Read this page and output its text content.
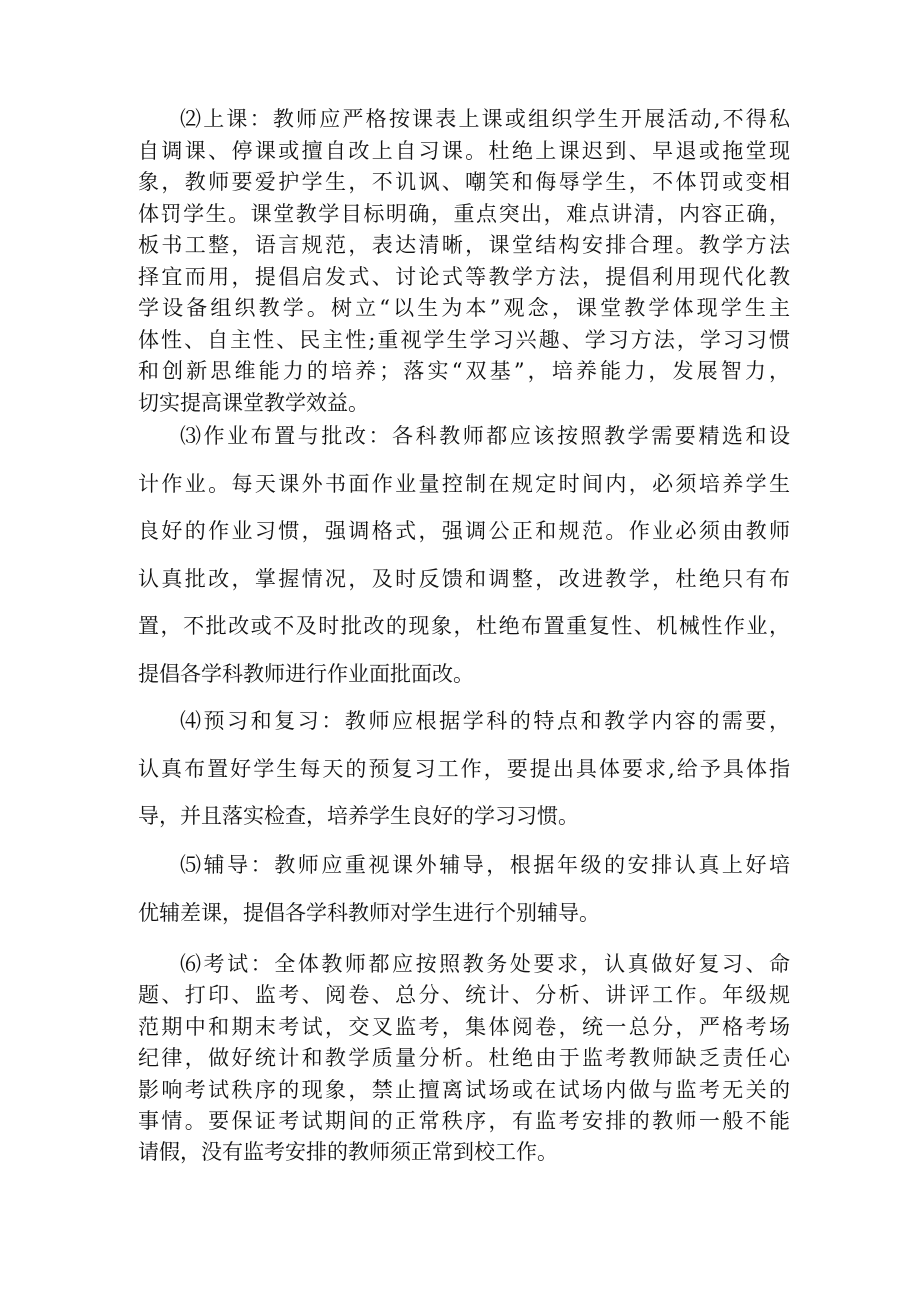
⑵上课：教师应严格按课表上课或组织学生开展活动,不得私
自调课、停课或擅自改上自习课。杜绝上课迟到、早退或拖堂现
象，教师要爱护学生，不讥讽、嘲笑和侮辱学生，不体罚或变相
体罚学生。课堂教学目标明确，重点突出，难点讲清，内容正确，
板书工整，语言规范，表达清晰，课堂结构安排合理。教学方法
择宜而用，提倡启发式、讨论式等教学方法，提倡利用现代化教
学设备组织教学。树立“以生为本”观念，课堂教学体现学生主
体性、自主性、民主性;重视学生学习兴趣、学习方法，学习习惯
和创新思维能力的培养；落实“双基”，培养能力，发展智力，
切实提高课堂教学效益。
⑶作业布置与批改：各科教师都应该按照教学需要精选和设
计作业。每天课外书面作业量控制在规定时间内，必须培养学生
良好的作业习惯，强调格式，强调公正和规范。作业必须由教师
认真批改，掌握情况，及时反馈和调整，改进教学，杜绝只有布
置，不批改或不及时批改的现象，杜绝布置重复性、机械性作业，
提倡各学科教师进行作业面批面改。
⑷预习和复习：教师应根据学科的特点和教学内容的需要，
认真布置好学生每天的预复习工作，要提出具体要求,给予具体指
导，并且落实检查，培养学生良好的学习习惯。
⑸辅导：教师应重视课外辅导，根据年级的安排认真上好培
优辅差课，提倡各学科教师对学生进行个别辅导。
⑹考试：全体教师都应按照教务处要求，认真做好复习、命
题、打印、监考、阅卷、总分、统计、分析、讲评工作。年级规
范期中和期末考试，交叉监考，集体阅卷，统一总分，严格考场
纪律，做好统计和教学质量分析。杜绝由于监考教师缺乏责任心
影响考试秩序的现象，禁止擅离试场或在试场内做与监考无关的
事情。要保证考试期间的正常秩序，有监考安排的教师一般不能
请假，没有监考安排的教师须正常到校工作。
